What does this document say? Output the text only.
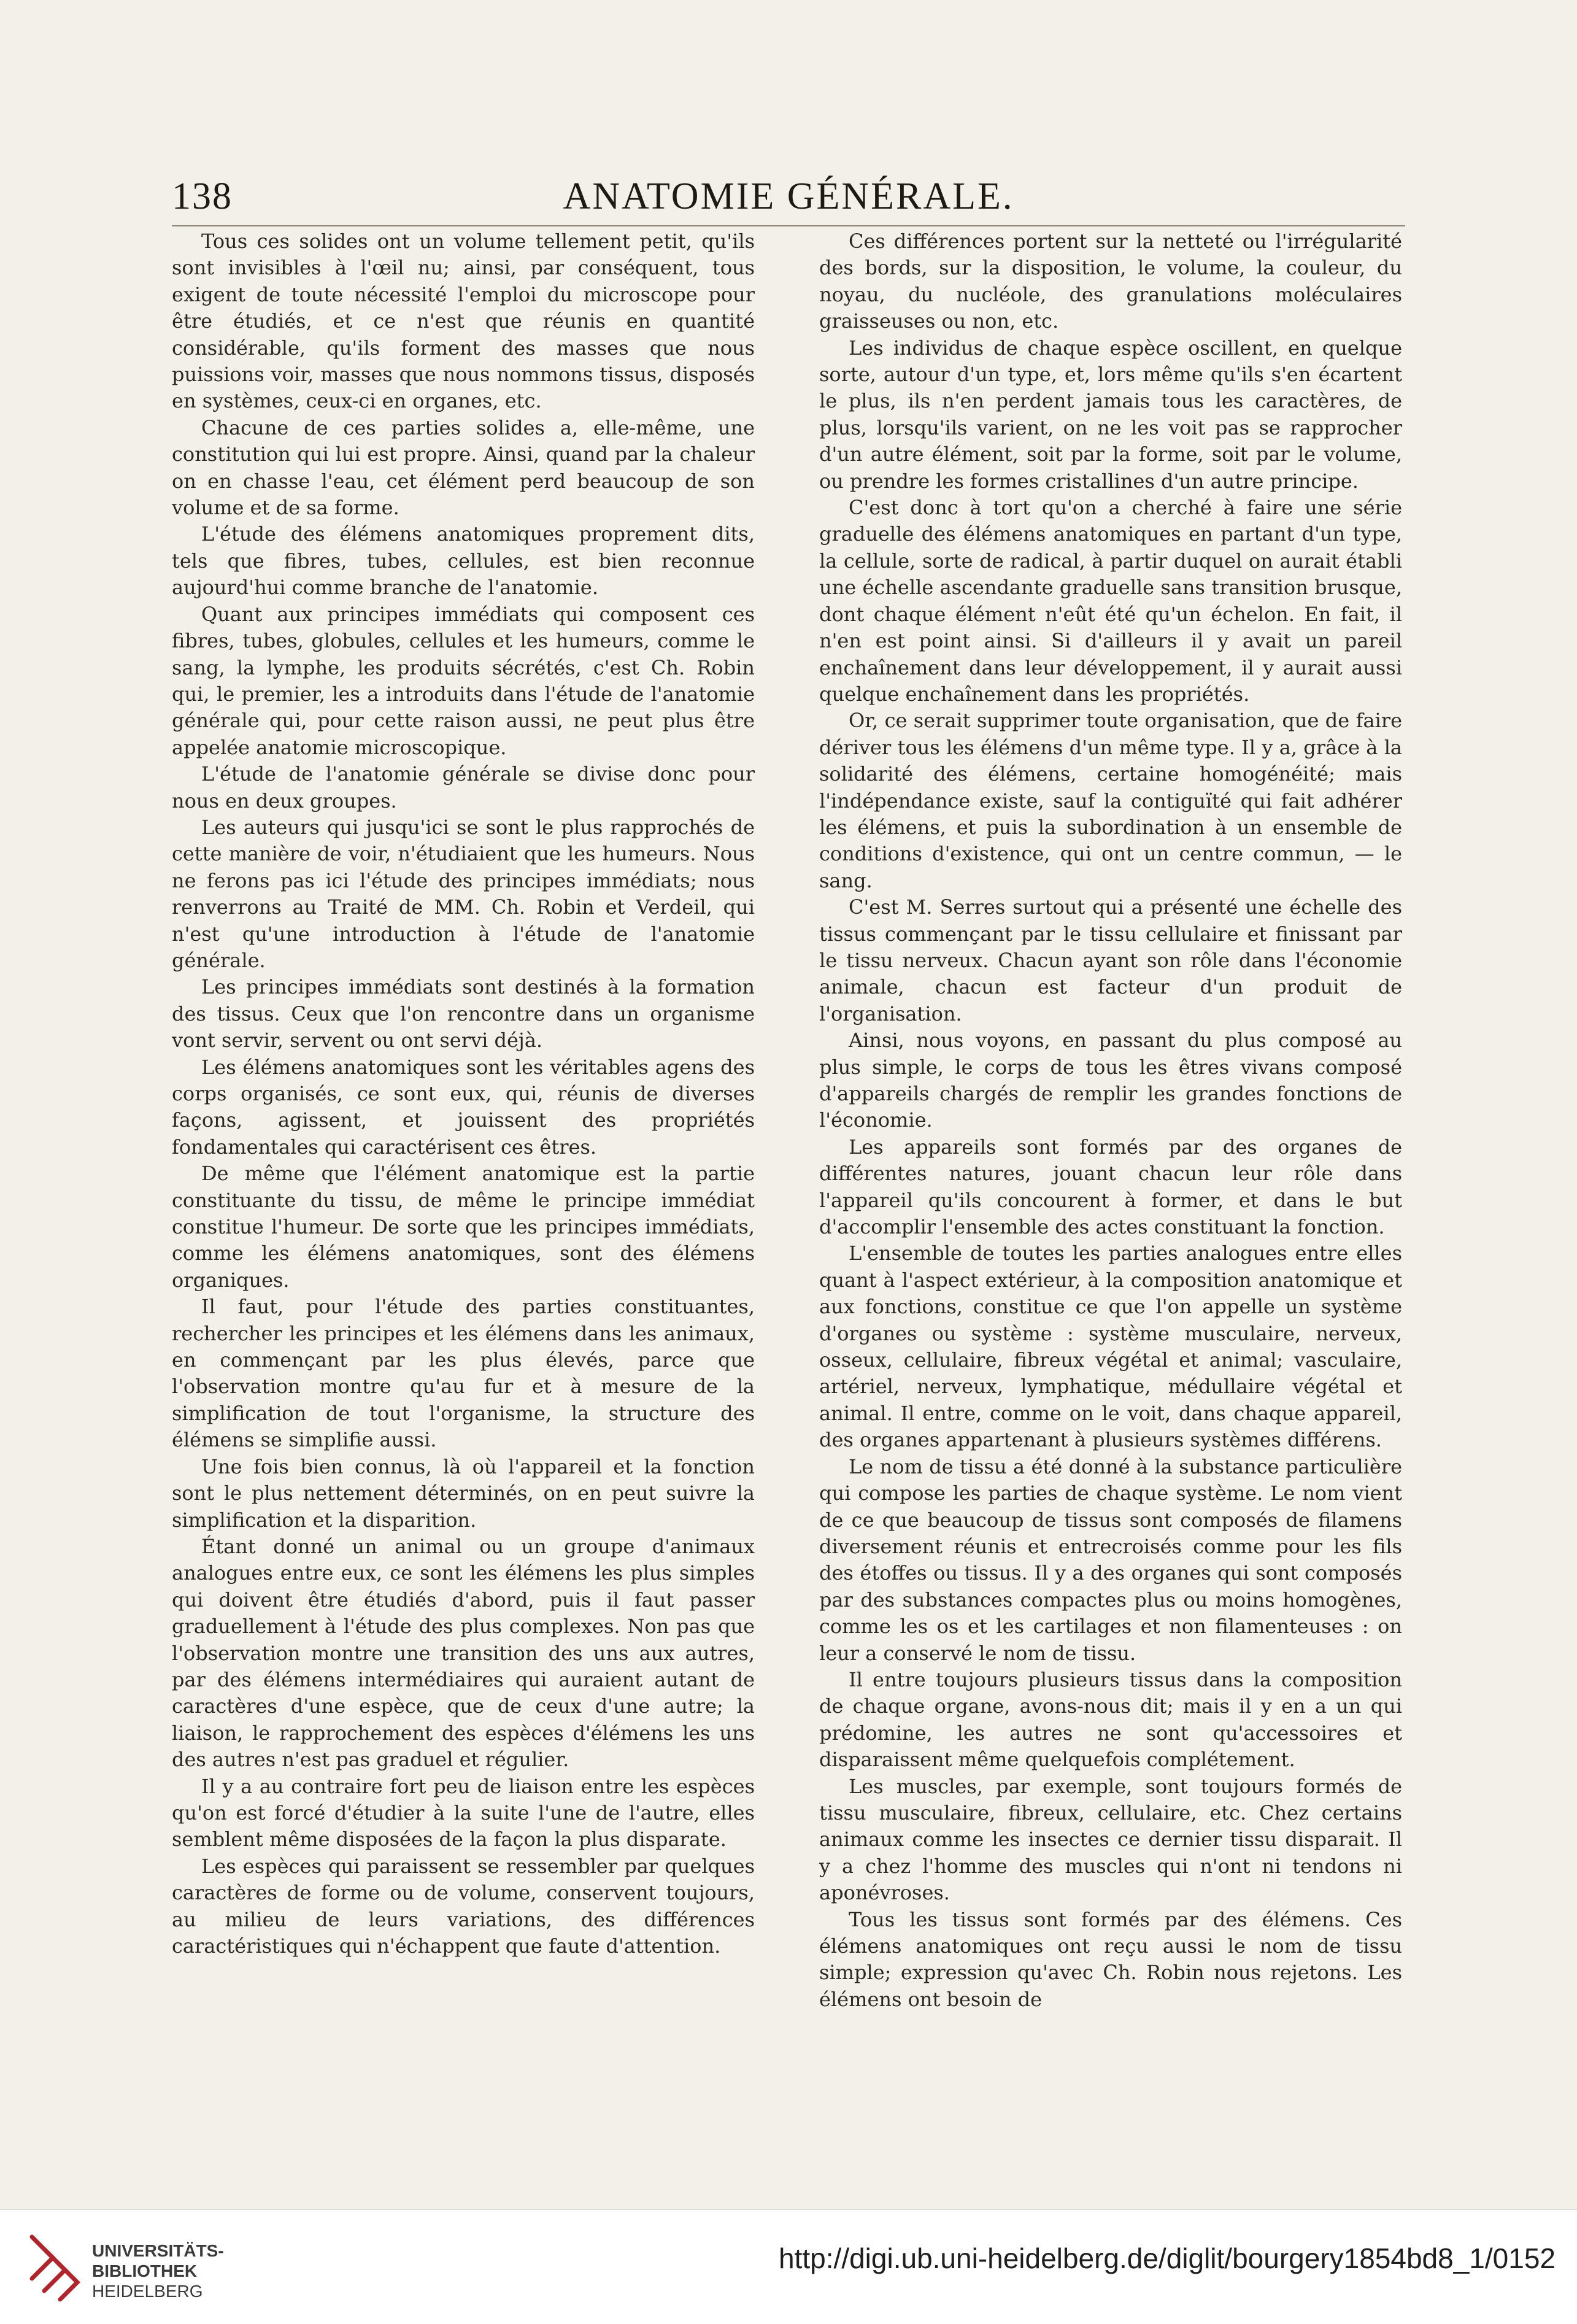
ANATOMIE GÉNÉRALE.
138

Tous ces solides ont un volume tellement petit, qu'ils sont invisibles à l'œil nu; ainsi, par conséquent, tous exigent de toute nécessité l'emploi du microscope pour être étudiés, et ce n'est que réunis en quantité considérable, qu'ils forment des masses que nous puissions voir, masses que nous nommons tissus, disposés en systèmes, ceux-ci en organes, etc.

Chacune de ces parties solides a, elle-même, une constitution qui lui est propre. Ainsi, quand par la chaleur on en chasse l'eau, cet élément perd beaucoup de son volume et de sa forme.

L'étude des élémens anatomiques proprement dits, tels que fibres, tubes, cellules, est bien reconnue aujourd'hui comme branche de l'anatomie.

Quant aux principes immédiats qui composent ces fibres, tubes, globules, cellules et les humeurs, comme le sang, la lymphe, les produits sécrétés, c'est Ch. Robin qui, le premier, les a introduits dans l'étude de l'anatomie générale qui, pour cette raison aussi, ne peut plus être appelée anatomie microscopique.

L'étude de l'anatomie générale se divise donc pour nous en deux groupes.

Les auteurs qui jusqu'ici se sont le plus rapprochés de cette manière de voir, n'étudiaient que les humeurs. Nous ne ferons pas ici l'étude des principes immédiats; nous renverrons au Traité de MM. Ch. Robin et Verdeil, qui n'est qu'une introduction à l'étude de l'anatomie générale.

Les principes immédiats sont destinés à la formation des tissus. Ceux que l'on rencontre dans un organisme vont servir, servent ou ont servi déjà.

Les élémens anatomiques sont les véritables agens des corps organisés, ce sont eux, qui, réunis de diverses façons, agissent, et jouissent des propriétés fondamentales qui caractérisent ces êtres.

De même que l'élément anatomique est la partie constituante du tissu, de même le principe immédiat constitue l'humeur. De sorte que les principes immédiats, comme les élémens anatomiques, sont des élémens organiques.

Il faut, pour l'étude des parties constituantes, rechercher les principes et les élémens dans les animaux, en commençant par les plus élevés, parce que l'observation montre qu'au fur et à mesure de la simplification de tout l'organisme, la structure des élémens se simplifie aussi.

Une fois bien connus, là où l'appareil et la fonction sont le plus nettement déterminés, on en peut suivre la simplification et la disparition.

Étant donné un animal ou un groupe d'animaux analogues entre eux, ce sont les élémens les plus simples qui doivent être étudiés d'abord, puis il faut passer graduellement à l'étude des plus complexes. Non pas que l'observation montre une transition des uns aux autres, par des élémens intermédiaires qui auraient autant de caractères d'une espèce, que de ceux d'une autre; la liaison, le rapprochement des espèces d'élémens les uns des autres n'est pas graduel et régulier.

Il y a au contraire fort peu de liaison entre les espèces qu'on est forcé d'étudier à la suite l'une de l'autre, elles semblent même disposées de la façon la plus disparate.

Les espèces qui paraissent se ressembler par quelques caractères de forme ou de volume, conservent toujours, au milieu de leurs variations, des différences caractéristiques qui n'échappent que faute d'attention.

Ces différences portent sur la netteté ou l'irrégularité des bords, sur la disposition, le volume, la couleur, du noyau, du nucléole, des granulations moléculaires graisseuses ou non, etc.

Les individus de chaque espèce oscillent, en quelque sorte, autour d'un type, et, lors même qu'ils s'en écartent le plus, ils n'en perdent jamais tous les caractères, de plus, lorsqu'ils varient, on ne les voit pas se rapprocher d'un autre élément, soit par la forme, soit par le volume, ou prendre les formes cristallines d'un autre principe.

C'est donc à tort qu'on a cherché à faire une série graduelle des élémens anatomiques en partant d'un type, la cellule, sorte de radical, à partir duquel on aurait établi une échelle ascendante graduelle sans transition brusque, dont chaque élément n'eût été qu'un échelon. En fait, il n'en est point ainsi. Si d'ailleurs il y avait un pareil enchaînement dans leur développement, il y aurait aussi quelque enchaînement dans les propriétés.

Or, ce serait supprimer toute organisation, que de faire dériver tous les élémens d'un même type. Il y a, grâce à la solidarité des élémens, certaine homogénéité; mais l'indépendance existe, sauf la contiguïté qui fait adhérer les élémens, et puis la subordination à un ensemble de conditions d'existence, qui ont un centre commun, — le sang.

C'est M. Serres surtout qui a présenté une échelle des tissus commençant par le tissu cellulaire et finissant par le tissu nerveux. Chacun ayant son rôle dans l'économie animale, chacun est facteur d'un produit de l'organisation.

Ainsi, nous voyons, en passant du plus composé au plus simple, le corps de tous les êtres vivans composé d'appareils chargés de remplir les grandes fonctions de l'économie.

Les appareils sont formés par des organes de différentes natures, jouant chacun leur rôle dans l'appareil qu'ils concourent à former, et dans le but d'accomplir l'ensemble des actes constituant la fonction.

L'ensemble de toutes les parties analogues entre elles quant à l'aspect extérieur, à la composition anatomique et aux fonctions, constitue ce que l'on appelle un système d'organes ou système : système musculaire, nerveux, osseux, cellulaire, fibreux végétal et animal; vasculaire, artériel, nerveux, lymphatique, médullaire végétal et animal. Il entre, comme on le voit, dans chaque appareil, des organes appartenant à plusieurs systèmes différens.

Le nom de tissu a été donné à la substance particulière qui compose les parties de chaque système. Le nom vient de ce que beaucoup de tissus sont composés de filamens diversement réunis et entrecroisés comme pour les fils des étoffes ou tissus. Il y a des organes qui sont composés par des substances compactes plus ou moins homogènes, comme les os et les cartilages et non filamenteuses : on leur a conservé le nom de tissu.

Il entre toujours plusieurs tissus dans la composition de chaque organe, avons-nous dit; mais il y en a un qui prédomine, les autres ne sont qu'accessoires et disparaissent même quelquefois complétement.

Les muscles, par exemple, sont toujours formés de tissu musculaire, fibreux, cellulaire, etc. Chez certains animaux comme les insectes ce dernier tissu disparait. Il y a chez l'homme des muscles qui n'ont ni tendons ni aponévroses.

Tous les tissus sont formés par des élémens. Ces élémens anatomiques ont reçu aussi le nom de tissu simple; expression qu'avec Ch. Robin nous rejetons. Les élémens ont besoin de

UNIVERSITÄTS-
BIBLIOTHEK
HEIDELBERG
http://digi.ub.uni-heidelberg.de/diglit/bourgery1854bd8_1/0152
